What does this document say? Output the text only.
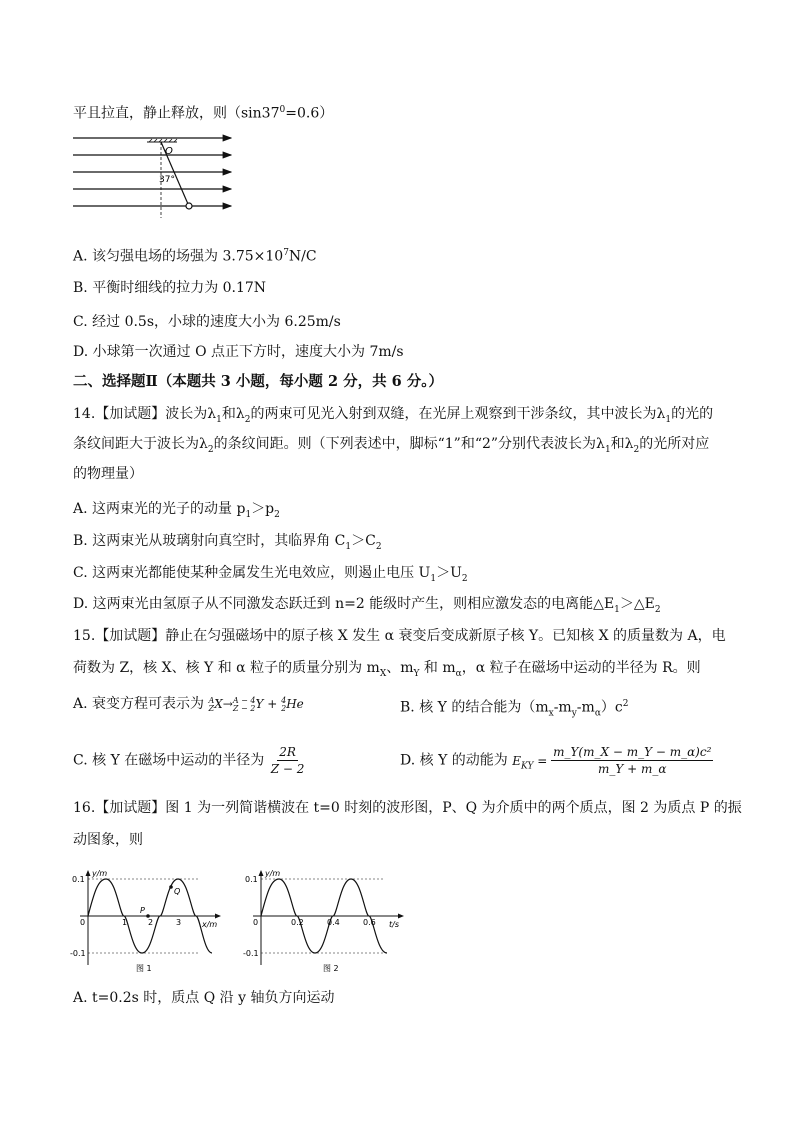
平且拉直，静止释放，则$(\sin 37^0=0.6)$
O
37°
A. 该匀强电场的场强为 $3.75\times 10^7N/C$
B. 平衡时细线的拉力为 0.17N
C. 经过 0.5s，小球的速度大小为 6.25m/s
D. 小球第一次通过 O 点正下方时，速度大小为 7m/s
二、选择题Ⅱ（本题共 3 小题，每小题 2 分，共 6 分。）
14.【加试题】波长为$\lambda_1$和$\lambda_2$的两束可见光入射到双缝，在光屏上观察到干涉条纹，其中波长为$\lambda_1$的光的
条纹间距大于波长为$\lambda_2$的条纹间距。则（下列表述中，脚标“1”和“2”分别代表波长为$\lambda_1$和$\lambda_2$的光所对应
的物理量）
A. 这两束光的光子的动量 $p_1>p_2$
B. 这两束光从玻璃射向真空时，其临界角 $C_1>C_2$
C. 这两束光都能使某种金属发生光电效应，则遏止电压 $U_1>U_2$
D. 这两束光由氢原子从不同激发态跃迁到 n=2 能级时产生，则相应激发态的电离能$\triangle E_1>\triangle E_2$
15.【加试题】静止在匀强磁场中的原子核 X 发生 α 衰变后变成新原子核 Y。已知核 X 的质量数为 A，电
荷数为 Z，核 X、核 Y 和 α 粒子的质量分别为 $m_X$、$m_Y$ 和 $m_\alpha$，α 粒子在磁场中运动的半径为 R。则
A. 衰变方程可表示为 A
Z X→ A − 4
Z − 2 Y + 4
2 He	B. 核 Y 的结合能为$(m_x-m_y-m_\alpha)c^2$
C. 核 Y 在磁场中运动的半径为 $\frac{2R}{Z - 2}$	D. 核 Y 的动能为 $E_{KY} = \frac{\text{m\_Y(m\_X − m\_Y − m\_α)c²}}{m\_Y + m\_\alpha}$
16.【加试题】图 1 为一列简谐横波在 t=0 时刻的波形图，P、Q 为介质中的两个质点，图 2 为质点 P 的振
动图象，则
y/m
x/m
0.1
-0.1
0	1	2	3
P
Q
图 1
y/m
t/s
0.1
-0.1
0	0.2	0.4	0.6
图 2
A. t=0.2s 时，质点 Q 沿 y 轴负方向运动
